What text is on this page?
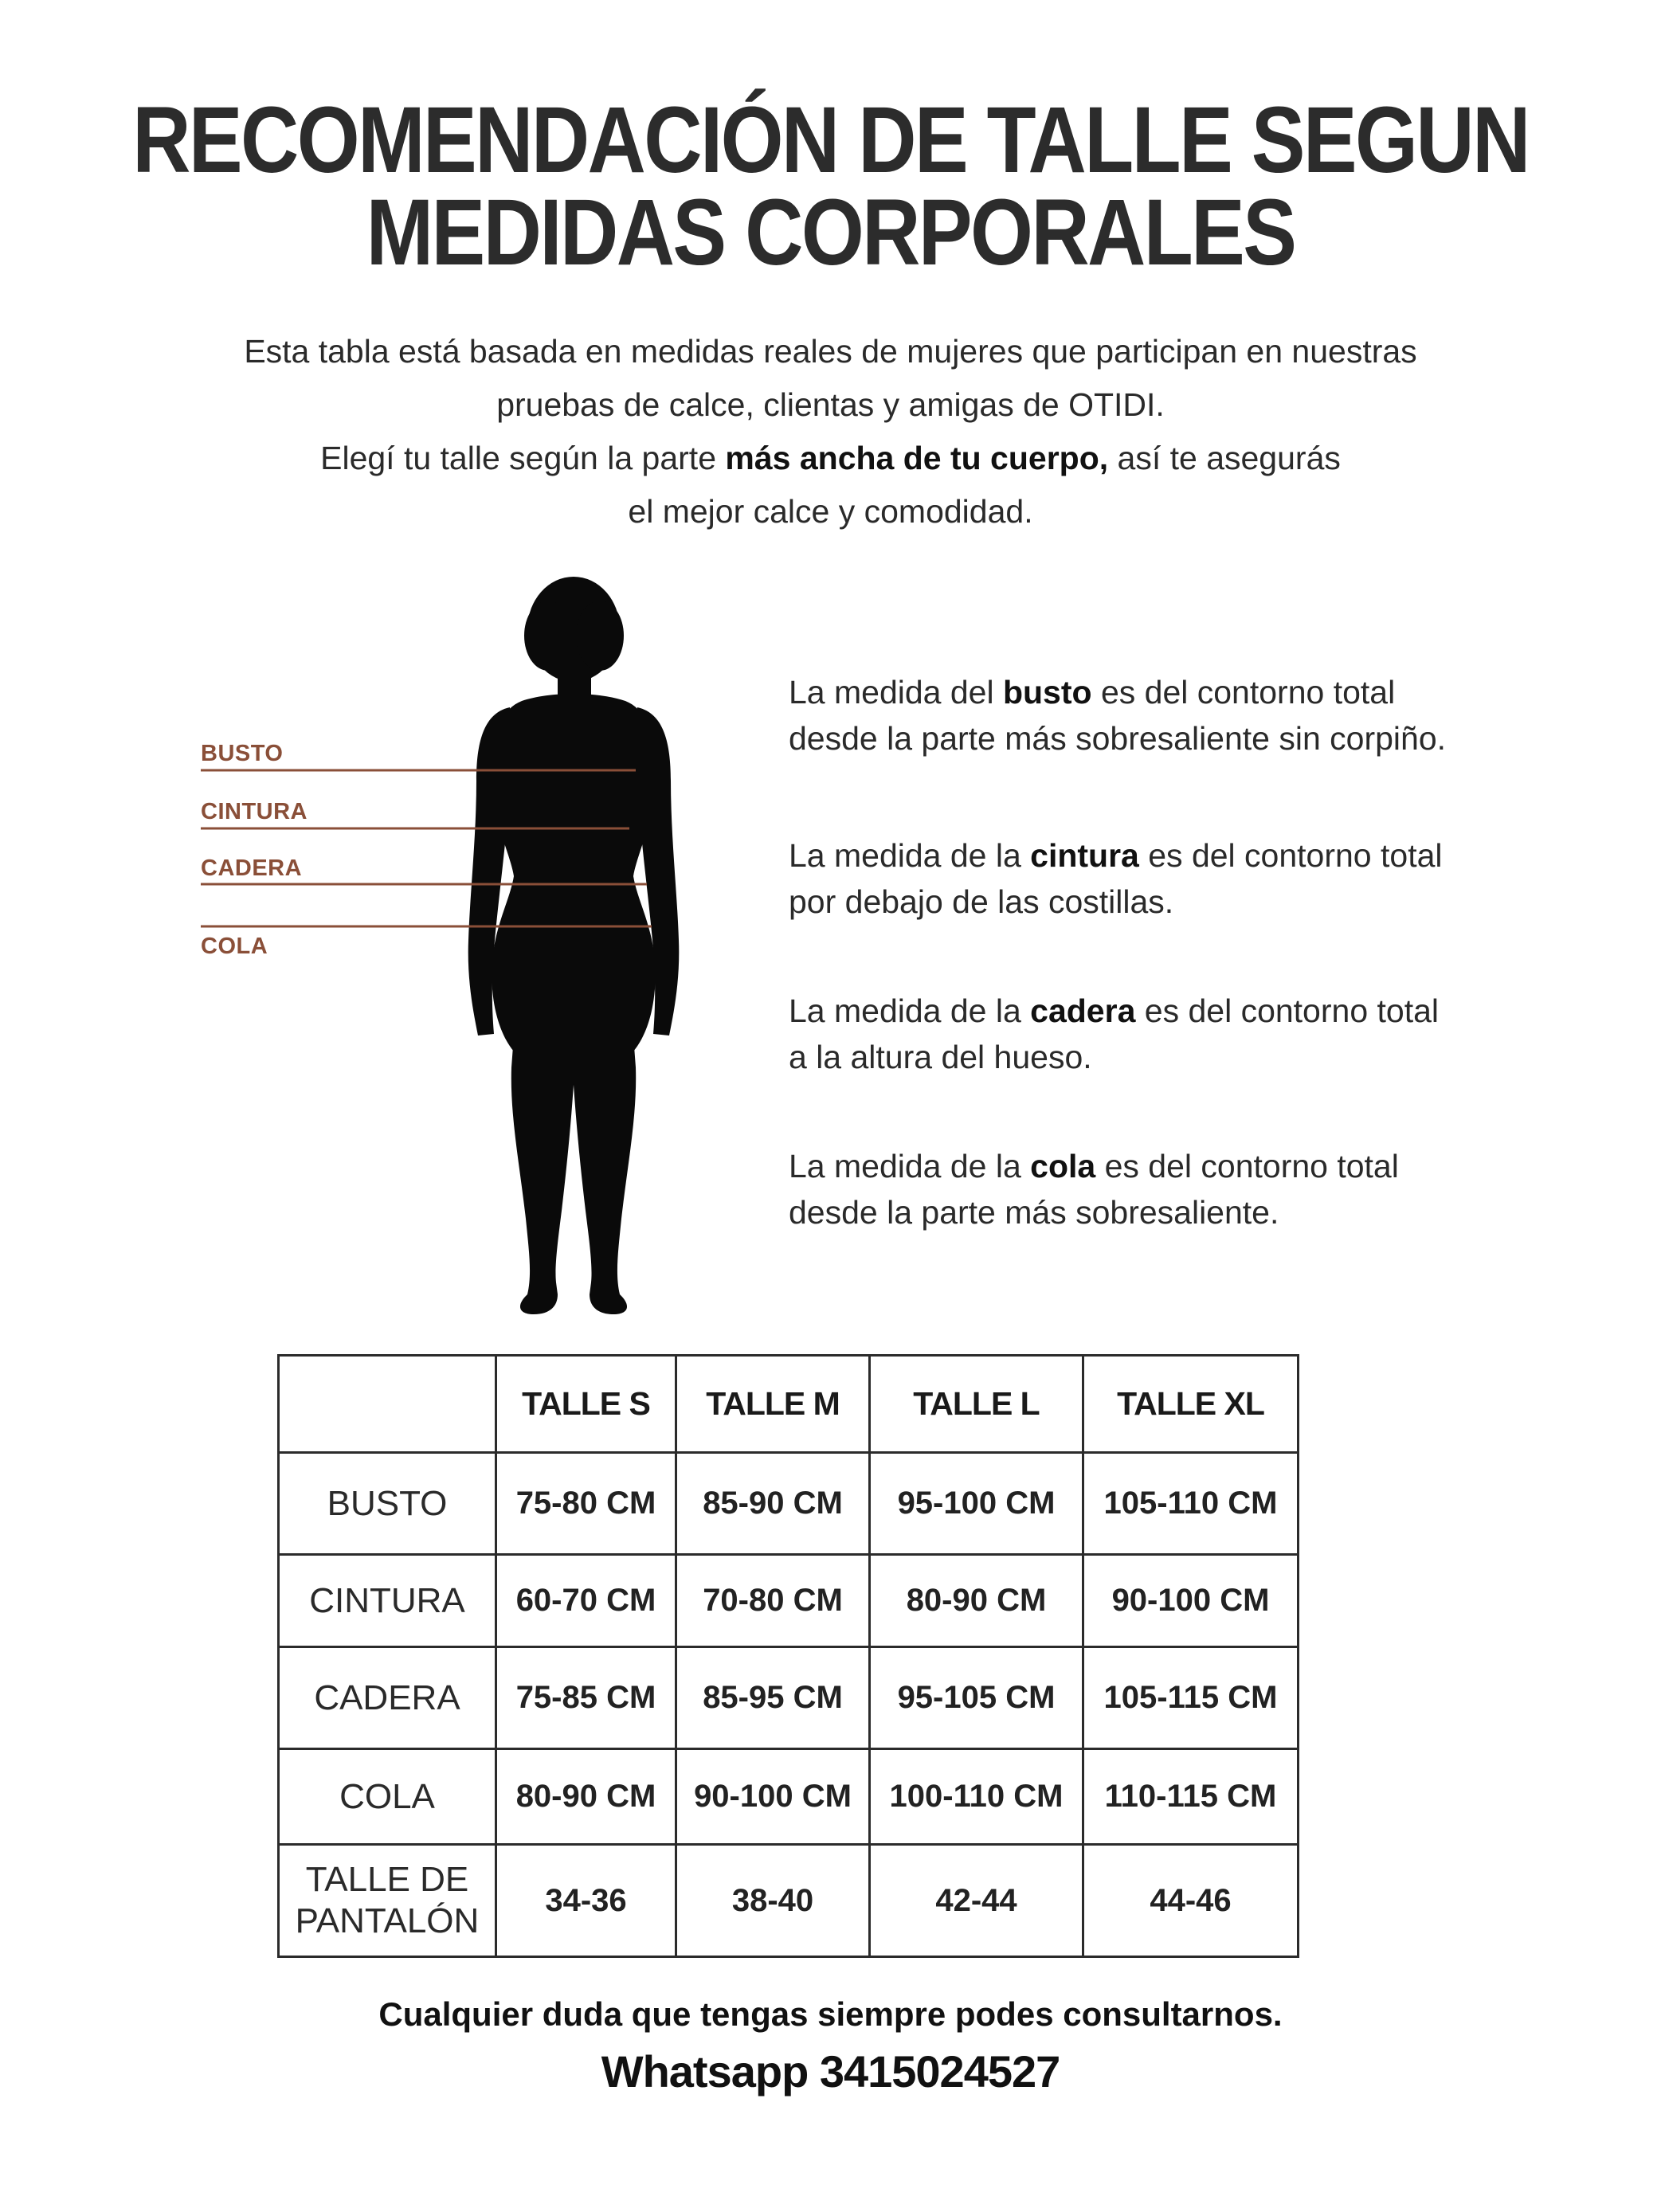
RECOMENDACIÓN DE TALLE SEGUN
MEDIDAS CORPORALES

Esta tabla está basada en medidas reales de mujeres que participan en nuestras

pruebas de calce, clientas y amigas de OTIDI.

Elegí tu talle según la parte más ancha de tu cuerpo, así te asegurás

el mejor calce y comodidad.

BUSTO
CINTURA
CADERA
COLA
La medida del busto es del contorno total
desde la parte más sobresaliente sin corpiño.
La medida de la cintura es del contorno total
por debajo de las costillas.
La medida de la cadera es del contorno total
a la altura del hueso.
La medida de la cola es del contorno total
desde la parte más sobresaliente.
	TALLE S	TALLE M	TALLE L	TALLE XL
BUSTO	75-80 CM	85-90 CM	95-100 CM	105-110 CM
CINTURA	60-70 CM	70-80 CM	80-90 CM	90-100 CM
CADERA	75-85 CM	85-95 CM	95-105 CM	105-115 CM
COLA	80-90 CM	90-100 CM	100-110 CM	110-115 CM

TALLE DE
PANTALÓN	34-36	38-40	42-44	44-46

Cualquier duda que tengas siempre podes consultarnos.

Whatsapp 3415024527
